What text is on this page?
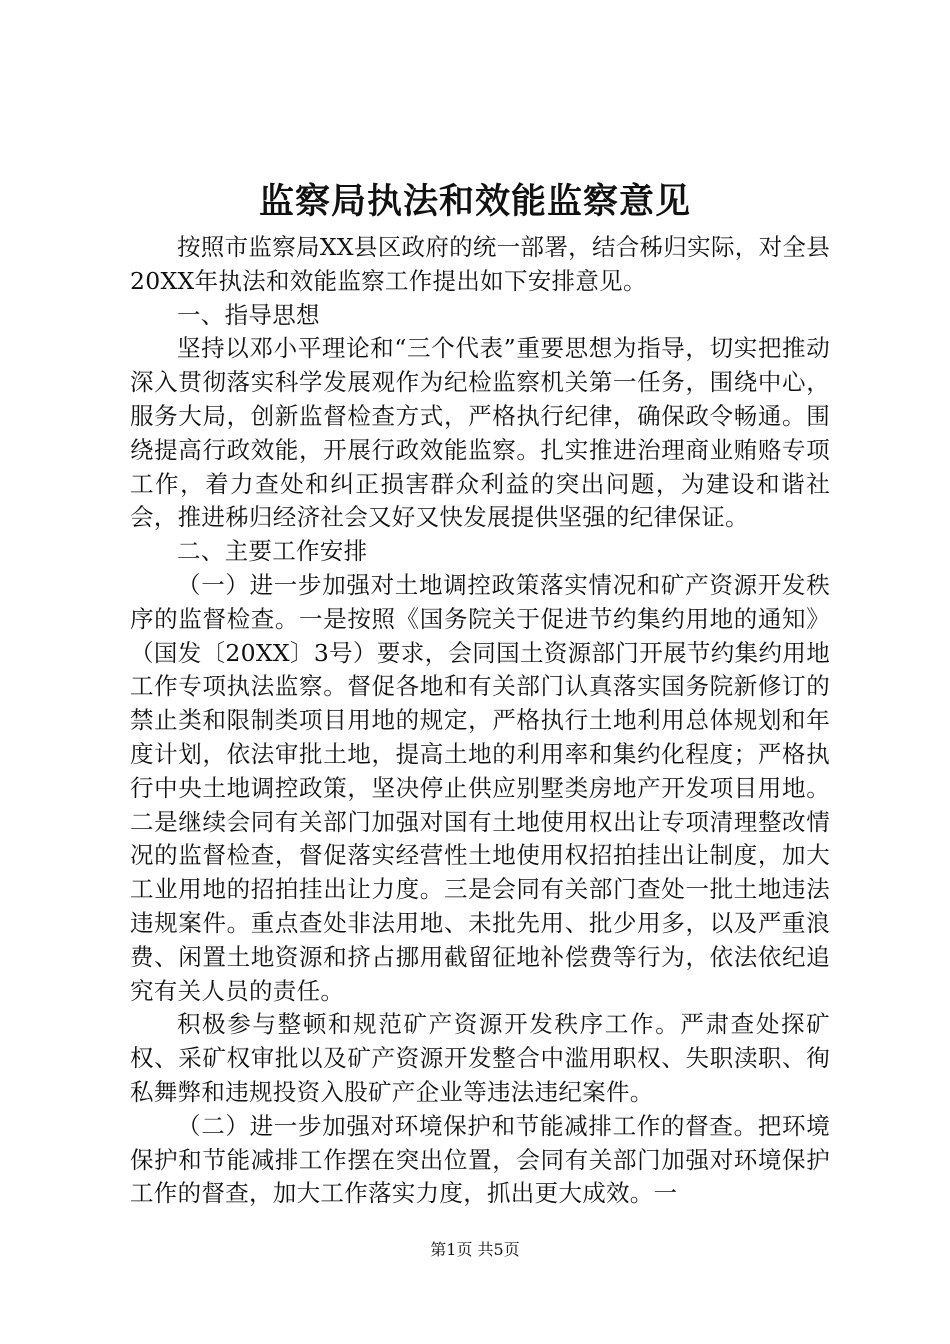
监察局执法和效能监察意见

按照市监察局XX县区政府的统一部署，结合秭归实际，对全县20XX年执法和效能监察工作提出如下安排意见。

一、指导思想

坚持以邓小平理论和“三个代表”重要思想为指导，切实把推动深入贯彻落实科学发展观作为纪检监察机关第一任务，围绕中心，服务大局，创新监督检查方式，严格执行纪律，确保政令畅通。围绕提高行政效能，开展行政效能监察。扎实推进治理商业贿赂专项工作，着力查处和纠正损害群众利益的突出问题，为建设和谐社会，推进秭归经济社会又好又快发展提供坚强的纪律保证。

二、主要工作安排

（一）进一步加强对土地调控政策落实情况和矿产资源开发秩序的监督检查。一是按照《国务院关于促进节约集约用地的通知》（国发〔20XX〕3号）要求，会同国土资源部门开展节约集约用地工作专项执法监察。督促各地和有关部门认真落实国务院新修订的禁止类和限制类项目用地的规定，严格执行土地利用总体规划和年度计划，依法审批土地，提高土地的利用率和集约化程度；严格执行中央土地调控政策，坚决停止供应别墅类房地产开发项目用地。二是继续会同有关部门加强对国有土地使用权出让专项清理整改情况的监督检查，督促落实经营性土地使用权招拍挂出让制度，加大工业用地的招拍挂出让力度。三是会同有关部门查处一批土地违法违规案件。重点查处非法用地、未批先用、批少用多，以及严重浪费、闲置土地资源和挤占挪用截留征地补偿费等行为，依法依纪追究有关人员的责任。

积极参与整顿和规范矿产资源开发秩序工作。严肃查处探矿权、采矿权审批以及矿产资源开发整合中滥用职权、失职渎职、徇私舞弊和违规投资入股矿产企业等违法违纪案件。

（二）进一步加强对环境保护和节能减排工作的督查。把环境保护和节能减排工作摆在突出位置，会同有关部门加强对环境保护工作的督查，加大工作落实力度，抓出更大成效。一

第1页 共5页
